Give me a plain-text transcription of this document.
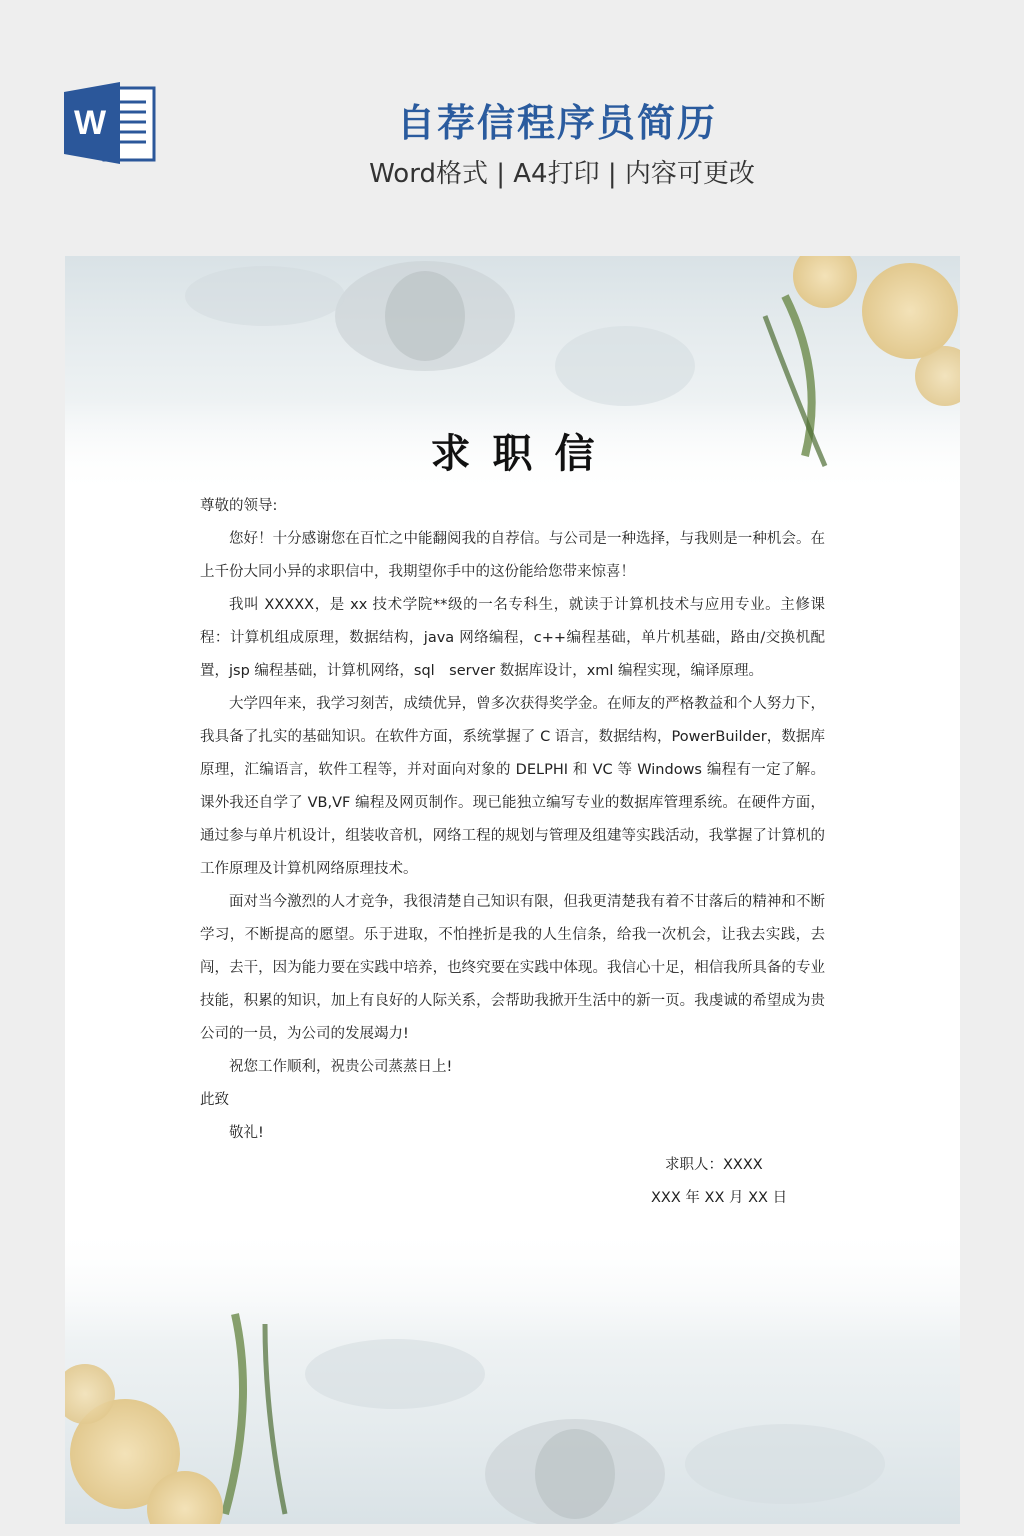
W	自荐信程序员简历
Word格式 | A4打印 | 内容可更改
求职信

尊敬的领导:

您好！十分感谢您在百忙之中能翻阅我的自荐信。与公司是一种选择，与我则是一种机会。在上千份大同小异的求职信中，我期望你手中的这份能给您带来惊喜！

我叫 XXXXX，是 xx 技术学院**级的一名专科生，就读于计算机技术与应用专业。主修课程：计算机组成原理，数据结构，java 网络编程，c++编程基础，单片机基础，路由/交换机配置，jsp 编程基础，计算机网络，sql　server 数据库设计，xml 编程实现，编译原理。

大学四年来，我学习刻苦，成绩优异，曾多次获得奖学金。在师友的严格教益和个人努力下，我具备了扎实的基础知识。在软件方面，系统掌握了 C 语言，数据结构，PowerBuilder，数据库原理，汇编语言，软件工程等，并对面向对象的 DELPHI 和 VC 等 Windows 编程有一定了解。课外我还自学了 VB,VF 编程及网页制作。现已能独立编写专业的数据库管理系统。在硬件方面，通过参与单片机设计，组装收音机，网络工程的规划与管理及组建等实践活动，我掌握了计算机的工作原理及计算机网络原理技术。

面对当今激烈的人才竞争，我很清楚自己知识有限，但我更清楚我有着不甘落后的精神和不断学习，不断提高的愿望。乐于进取，不怕挫折是我的人生信条，给我一次机会，让我去实践，去闯，去干，因为能力要在实践中培养，也终究要在实践中体现。我信心十足，相信我所具备的专业技能，积累的知识，加上有良好的人际关系，会帮助我掀开生活中的新一页。我虔诚的希望成为贵公司的一员，为公司的发展竭力!

祝您工作顺利，祝贵公司蒸蒸日上!

此致

敬礼!

求职人：XXXX
XXX 年 XX 月 XX 日
